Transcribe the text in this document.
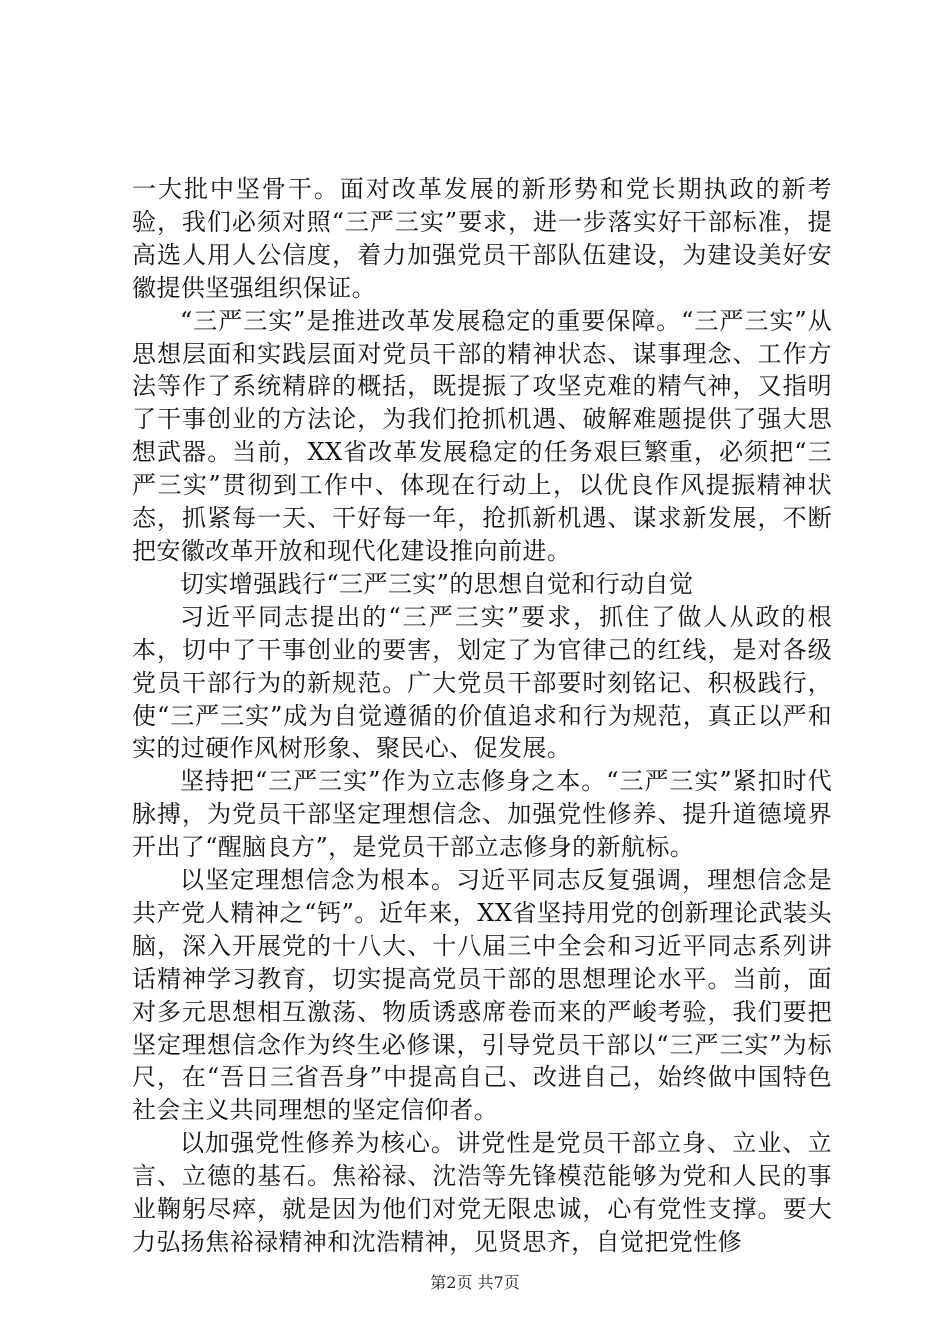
一大批中坚骨干。面对改革发展的新形势和党长期执政的新考验，我们必须对照“三严三实”要求，进一步落实好干部标准，提高选人用人公信度，着力加强党员干部队伍建设，为建设美好安徽提供坚强组织保证。

“三严三实”是推进改革发展稳定的重要保障。“三严三实”从思想层面和实践层面对党员干部的精神状态、谋事理念、工作方法等作了系统精辟的概括，既提振了攻坚克难的精气神，又指明了干事创业的方法论，为我们抢抓机遇、破解难题提供了强大思想武器。当前，XX省改革发展稳定的任务艰巨繁重，必须把“三严三实”贯彻到工作中、体现在行动上，以优良作风提振精神状态，抓紧每一天、干好每一年，抢抓新机遇、谋求新发展，不断把安徽改革开放和现代化建设推向前进。

切实增强践行“三严三实”的思想自觉和行动自觉

习近平同志提出的“三严三实”要求，抓住了做人从政的根本，切中了干事创业的要害，划定了为官律己的红线，是对各级党员干部行为的新规范。广大党员干部要时刻铭记、积极践行，使“三严三实”成为自觉遵循的价值追求和行为规范，真正以严和实的过硬作风树形象、聚民心、促发展。

坚持把“三严三实”作为立志修身之本。“三严三实”紧扣时代脉搏，为党员干部坚定理想信念、加强党性修养、提升道德境界开出了“醒脑良方”，是党员干部立志修身的新航标。

以坚定理想信念为根本。习近平同志反复强调，理想信念是共产党人精神之“钙”。近年来，XX省坚持用党的创新理论武装头脑，深入开展党的十八大、十八届三中全会和习近平同志系列讲话精神学习教育，切实提高党员干部的思想理论水平。当前，面对多元思想相互激荡、物质诱惑席卷而来的严峻考验，我们要把坚定理想信念作为终生必修课，引导党员干部以“三严三实”为标尺，在“吾日三省吾身”中提高自己、改进自己，始终做中国特色社会主义共同理想的坚定信仰者。

以加强党性修养为核心。讲党性是党员干部立身、立业、立言、立德的基石。焦裕禄、沈浩等先锋模范能够为党和人民的事业鞠躬尽瘁，就是因为他们对党无限忠诚，心有党性支撑。要大力弘扬焦裕禄精神和沈浩精神，见贤思齐，自觉把党性修

第2页 共7页
